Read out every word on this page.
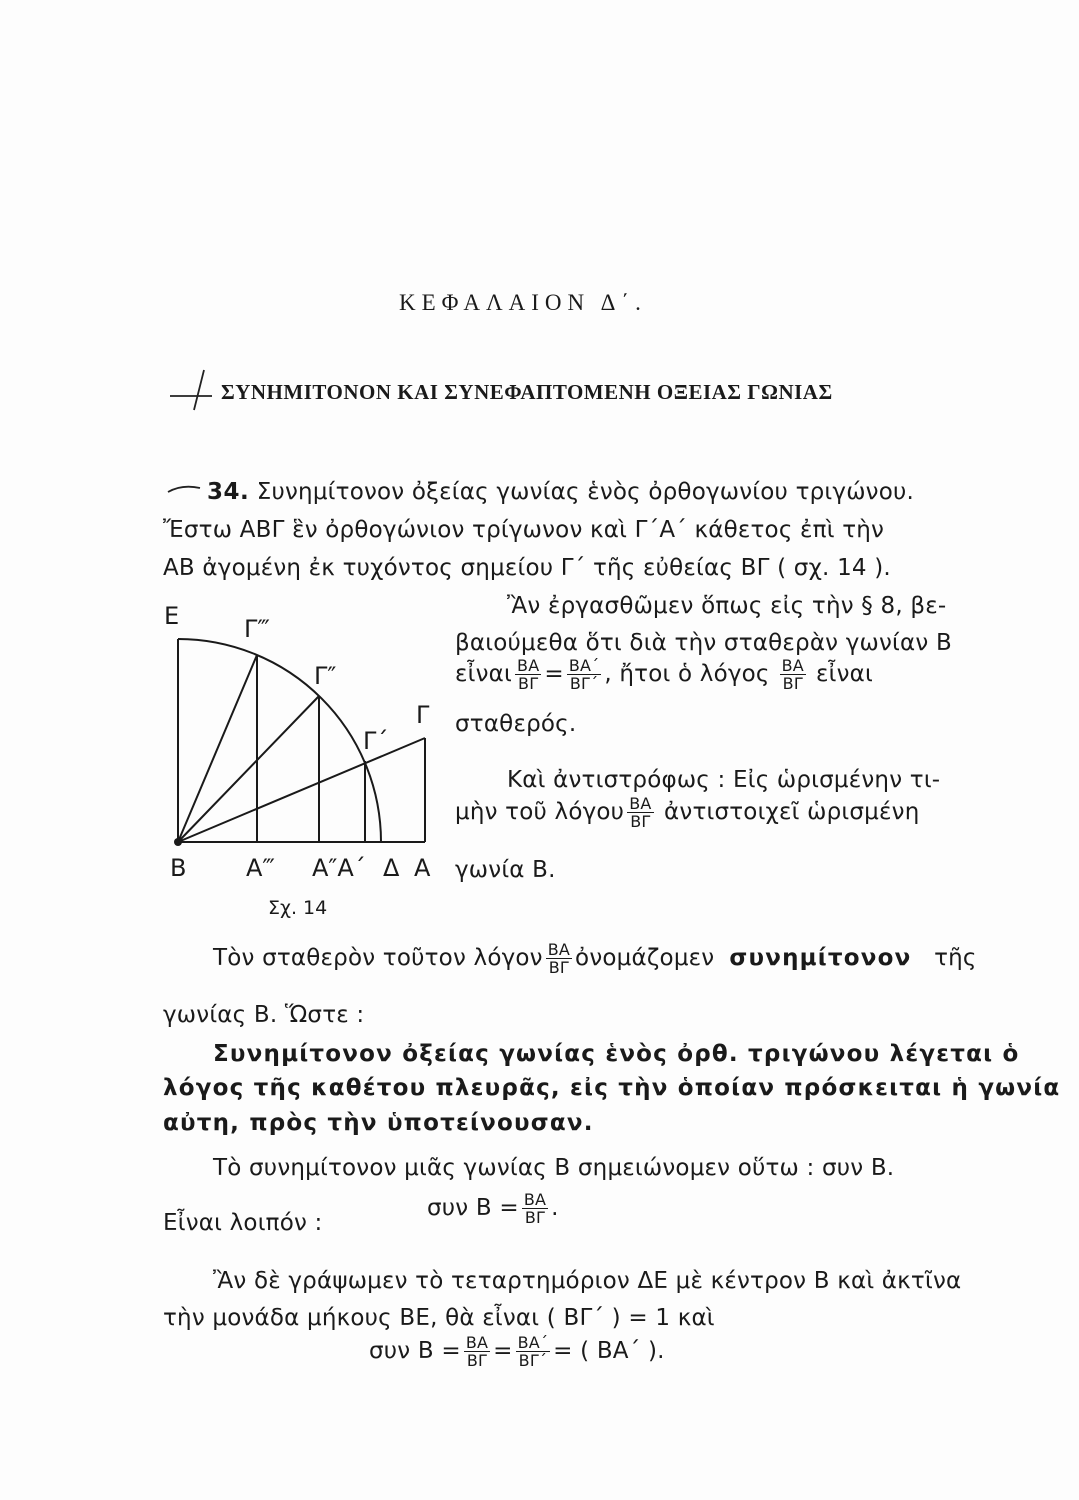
ΚΕΦΑΛΑΙΟΝ Δ΄.
ΣΥΝΗΜΙΤΟΝΟΝ ΚΑΙ ΣΥΝΕΦΑΠΤΟΜΕΝΗ ΟΞΕΙΑΣ ΓΩΝΙΑΣ
34. Συνημίτονον ὀξείας γωνίας ἑνὸς ὀρθογωνίου τριγώνου.
Ἔστω ΑΒΓ ἓν ὀρθογώνιον τρίγωνον καὶ Γ΄Α΄ κάθετος ἐπὶ τὴν
ΑΒ ἀγομένη ἐκ τυχόντος σημείου Γ΄ τῆς εὐθείας ΒΓ ( σχ. 14 ).
Ε	Γ‴
Γ″
Γ΄
Γ
Β Α‴ Α″Α΄ Δ Α
Σχ. 14
Ἂν ἐργασθῶμεν ὅπως εἰς τὴν § 8, βε-
βαιούμεθα ὅτι διὰ τὴν σταθερὰν γωνίαν Β
εἶναι $\frac{BA}{B\Gamma} = \frac{BA΄}{B\Gamma΄}$ , ἤτοι ὁ λόγος $\frac{BA}{B\Gamma}$ εἶναι
σταθερός.
Καὶ ἀντιστρόφως : Εἰς ὡρισμένην τι-
μὴν τοῦ λόγου $\frac{BA}{B\Gamma}$ ἀντιστοιχεῖ ὡρισμένη
γωνία Β.
Τὸν σταθερὸν τοῦτον λόγον $\frac{BA}{B\Gamma}$ ὀνομάζομεν συνημίτονον τῆς
γωνίας Β. Ὥστε :
Συνημίτονον ὀξείας γωνίας ἑνὸς ὀρθ. τριγώνου λέγεται ὁ
λόγος τῆς καθέτου πλευρᾶς, εἰς τὴν ὁποίαν πρόσκειται ἡ γωνία
αὐτη, πρὸς τὴν ὑποτείνουσαν.
Τὸ συνημίτονον μιᾶς γωνίας Β σημειώνομεν οὕτω : συν Β.
Εἶναι λοιπόν :
συν $B = \frac{BA}{B\Gamma}$ .
Ἂν δὲ γράψωμεν τὸ τεταρτημόριον ΔΕ μὲ κέντρον Β καὶ ἀκτῖνα
τὴν μονάδα μήκους ΒΕ, θὰ εἶναι ( ΒΓ΄ ) = 1 καὶ
συν $B = \frac{BA}{B\Gamma} = \frac{BA΄}{B\Gamma΄}$ = ( ΒΑ΄ ).
